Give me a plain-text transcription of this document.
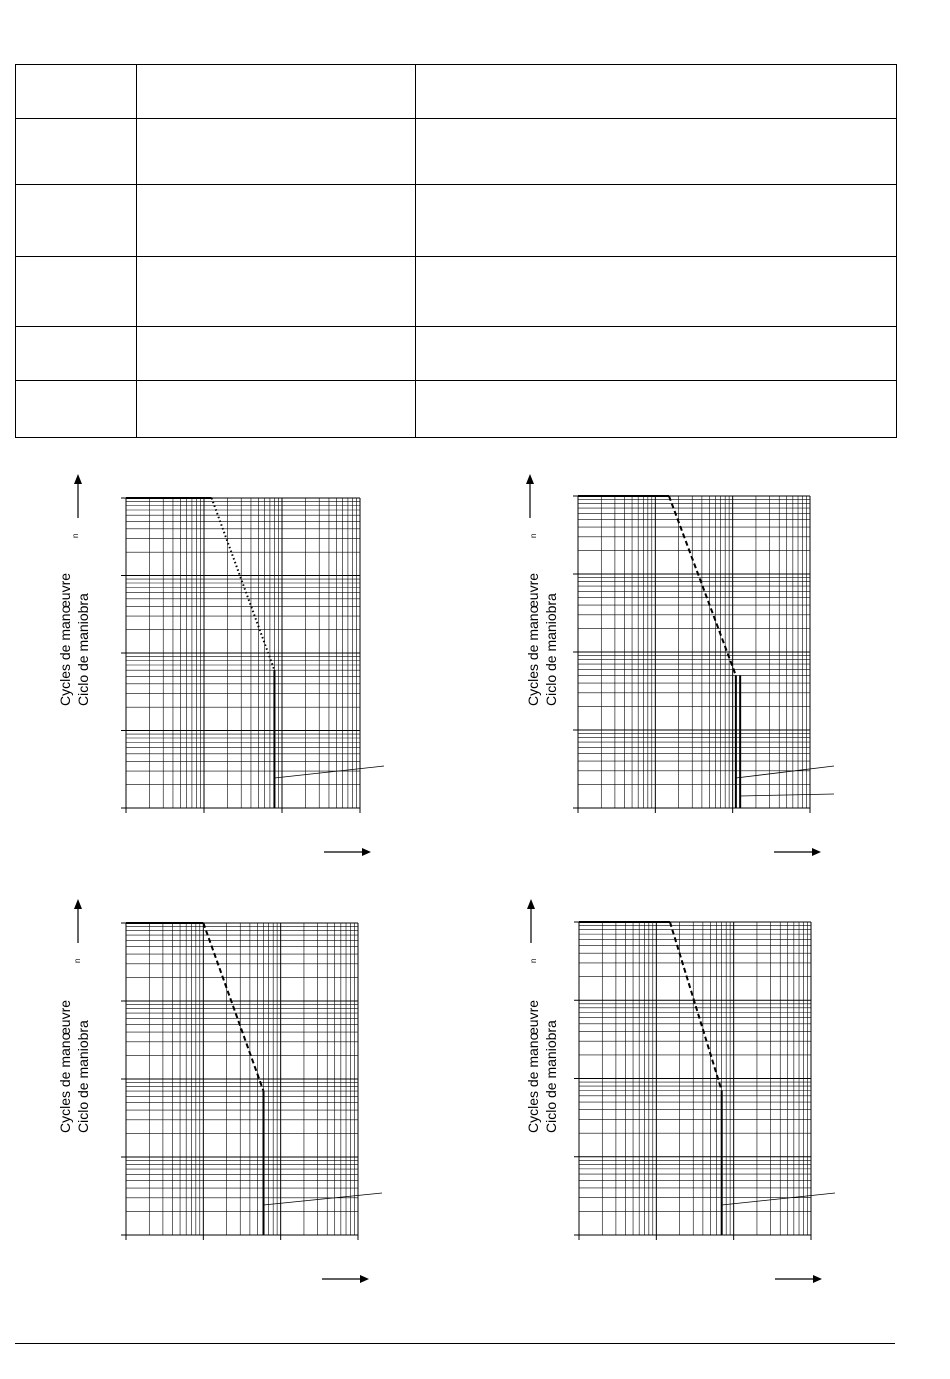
Cycles de manœuvre Ciclo de maniobra
n
Cycles de manœuvre Ciclo de maniobra
n
Cycles de manœuvre Ciclo de maniobra
n
Cycles de manœuvre Ciclo de maniobra
n
